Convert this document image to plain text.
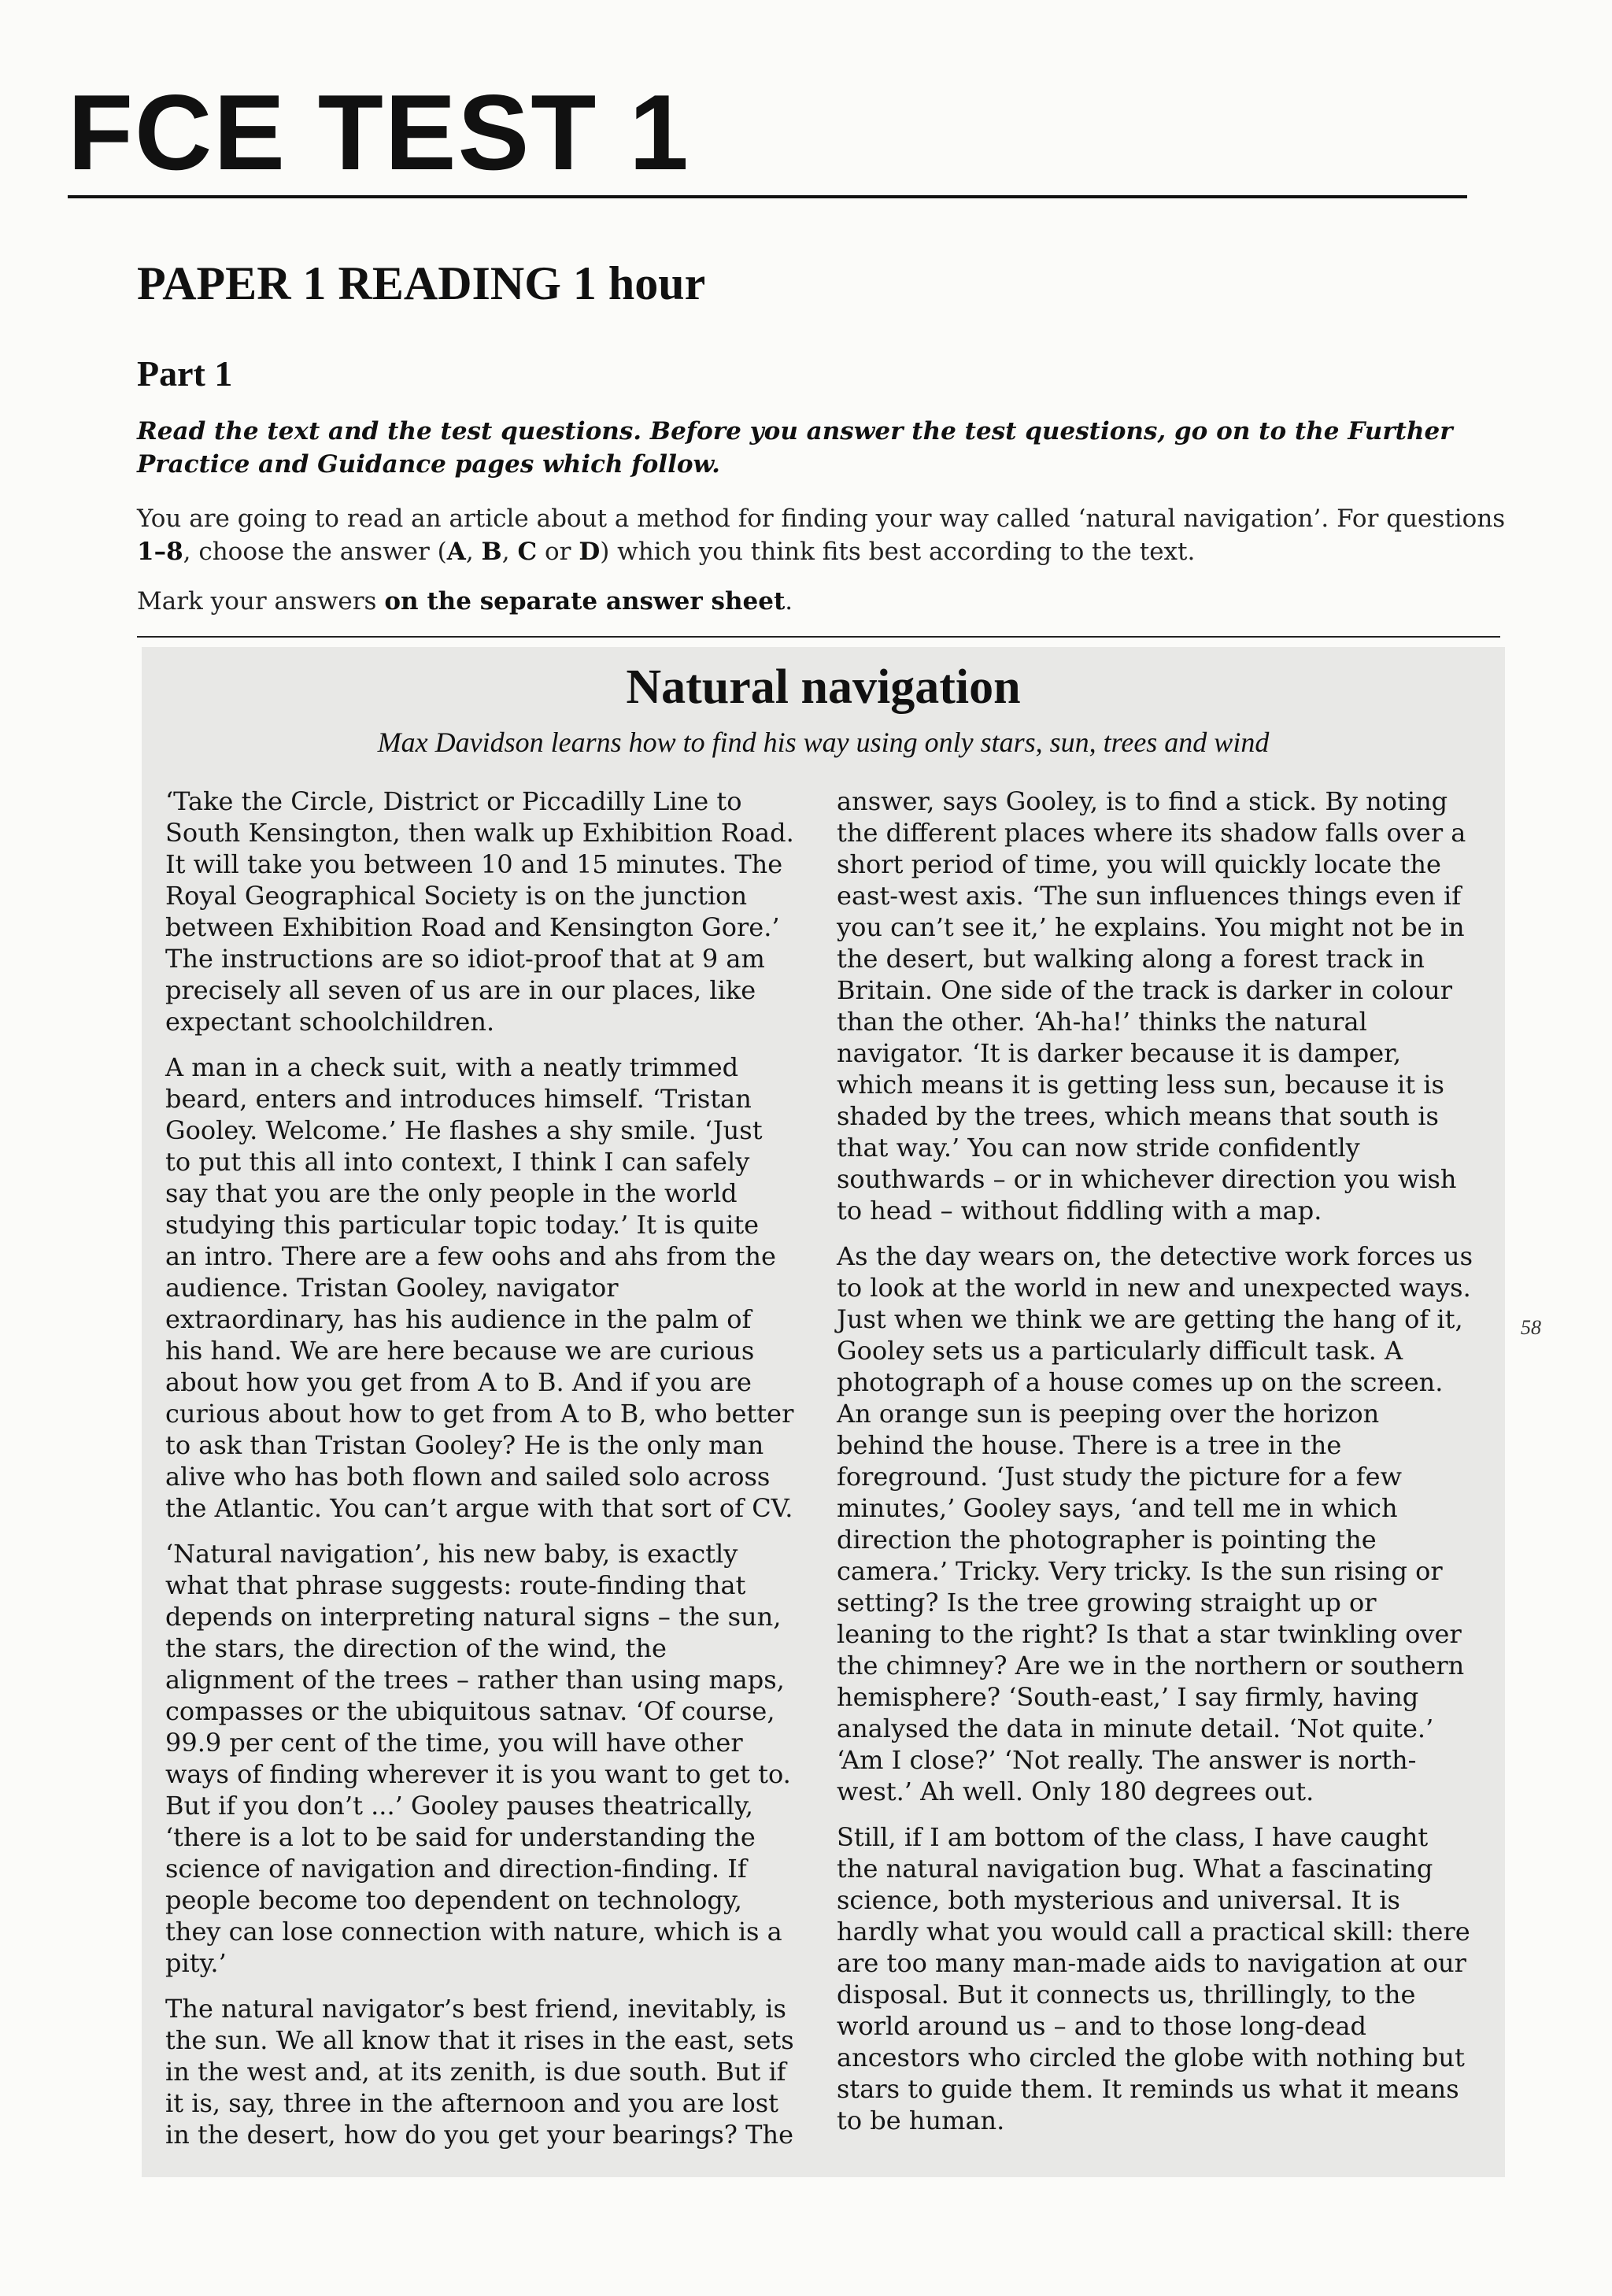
FCE TEST 1
PAPER 1 READING 1 hour
Part 1

Read the text and the test questions. Before you answer the test questions, go on to the Further Practice and Guidance pages which follow.

You are going to read an article about a method for finding your way called ‘natural navigation’. For questions 1–8, choose the answer (A, B, C or D) which you think fits best according to the text.

Mark your answers on the separate answer sheet.

Natural navigation

Max Davidson learns how to find his way using only stars, sun, trees and wind

‘Take the Circle, District or Piccadilly Line to South Kensington, then walk up Exhibition Road. It will take you between 10 and 15 minutes. The Royal Geographical Society is on the junction between Exhibition Road and Kensington Gore.’ The instructions are so idiot-proof that at 9 am precisely all seven of us are in our places, like expectant schoolchildren.

A man in a check suit, with a neatly trimmed beard, enters and introduces himself. ‘Tristan Gooley. Welcome.’ He flashes a shy smile. ‘Just to put this all into context, I think I can safely say that you are the only people in the world studying this particular topic today.’ It is quite an intro. There are a few oohs and ahs from the audience. Tristan Gooley, navigator extraordinary, has his audience in the palm of his hand. We are here because we are curious about how you get from A to B. And if you are curious about how to get from A to B, who better to ask than Tristan Gooley? He is the only man alive who has both flown and sailed solo across the Atlantic. You can’t argue with that sort of CV.

‘Natural navigation’, his new baby, is exactly what that phrase suggests: route-finding that depends on interpreting natural signs – the sun, the stars, the direction of the wind, the alignment of the trees – rather than using maps, compasses or the ubiquitous satnav. ‘Of course, 99.9 per cent of the time, you will have other ways of finding wherever it is you want to get to. But if you don’t ...’ Gooley pauses theatrically, ‘there is a lot to be said for understanding the science of navigation and direction-finding. If people become too dependent on technology, they can lose connection with nature, which is a pity.’

The natural navigator’s best friend, inevitably, is the sun. We all know that it rises in the east, sets in the west and, at its zenith, is due south. But if it is, say, three in the afternoon and you are lost in the desert, how do you get your bearings? The

answer, says Gooley, is to find a stick. By noting the different places where its shadow falls over a short period of time, you will quickly locate the east-west axis. ‘The sun influences things even if you can’t see it,’ he explains. You might not be in the desert, but walking along a forest track in Britain. One side of the track is darker in colour than the other. ‘Ah-ha!’ thinks the natural navigator. ‘It is darker because it is damper, which means it is getting less sun, because it is shaded by the trees, which means that south is that way.’ You can now stride confidently southwards – or in whichever direction you wish to head – without fiddling with a map.

As the day wears on, the detective work forces us to look at the world in new and unexpected ways. Just when we think we are getting the hang of it, Gooley sets us a particularly difficult task. A photograph of a house comes up on the screen. An orange sun is peeping over the horizon behind the house. There is a tree in the foreground. ‘Just study the picture for a few minutes,’ Gooley says, ‘and tell me in which direction the photographer is pointing the camera.’ Tricky. Very tricky. Is the sun rising or setting? Is the tree growing straight up or leaning to the right? Is that a star twinkling over the chimney? Are we in the northern or southern hemisphere? ‘South-east,’ I say firmly, having analysed the data in minute detail. ‘Not quite.’ ‘Am I close?’ ‘Not really. The answer is north-west.’ Ah well. Only 180 degrees out.

Still, if I am bottom of the class, I have caught the natural navigation bug. What a fascinating science, both mysterious and universal. It is hardly what you would call a practical skill: there are too many man-made aids to navigation at our disposal. But it connects us, thrillingly, to the world around us – and to those long-dead ancestors who circled the globe with nothing but stars to guide them. It reminds us what it means to be human.

58
